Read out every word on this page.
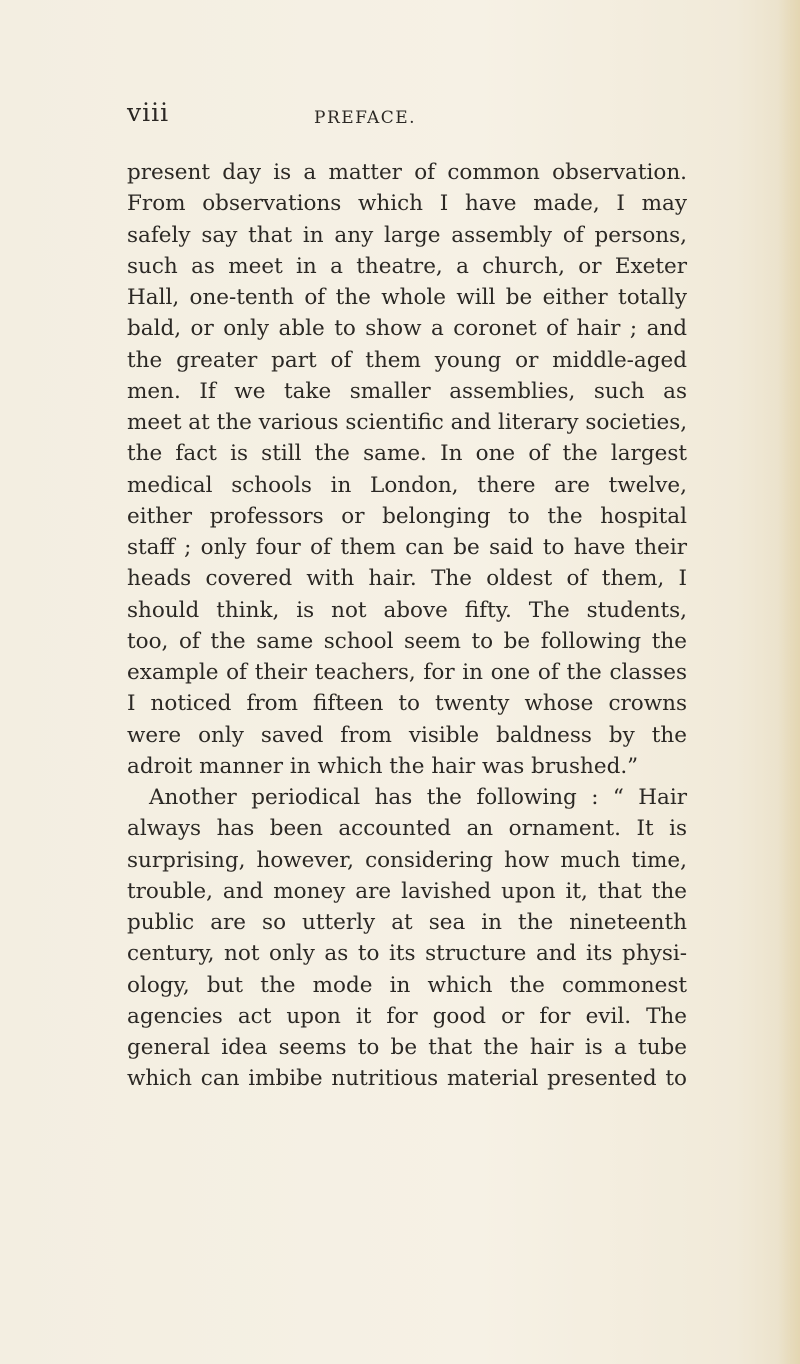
viii	PREFACE.
present day is a matter of common observation.
From observations which I have made, I may
safely say that in any large assembly of persons,
such as meet in a theatre, a church, or Exeter
Hall, one-tenth of the whole will be either totally
bald, or only able to show a coronet of hair ; and
the greater part of them young or middle-aged
men. If we take smaller assemblies, such as
meet at the various scientific and literary societies,
the fact is still the same. In one of the largest
medical schools in London, there are twelve,
either professors or belonging to the hospital
staff ; only four of them can be said to have their
heads covered with hair. The oldest of them, I
should think, is not above fifty. The students,
too, of the same school seem to be following the
example of their teachers, for in one of the classes
I noticed from fifteen to twenty whose crowns
were only saved from visible baldness by the
adroit manner in which the hair was brushed.”
Another periodical has the following : “ Hair
always has been accounted an ornament. It is
surprising, however, considering how much time,
trouble, and money are lavished upon it, that the
public are so utterly at sea in the nineteenth
century, not only as to its structure and its physi-
ology, but the mode in which the commonest
agencies act upon it for good or for evil. The
general idea seems to be that the hair is a tube
which can imbibe nutritious material presented to
